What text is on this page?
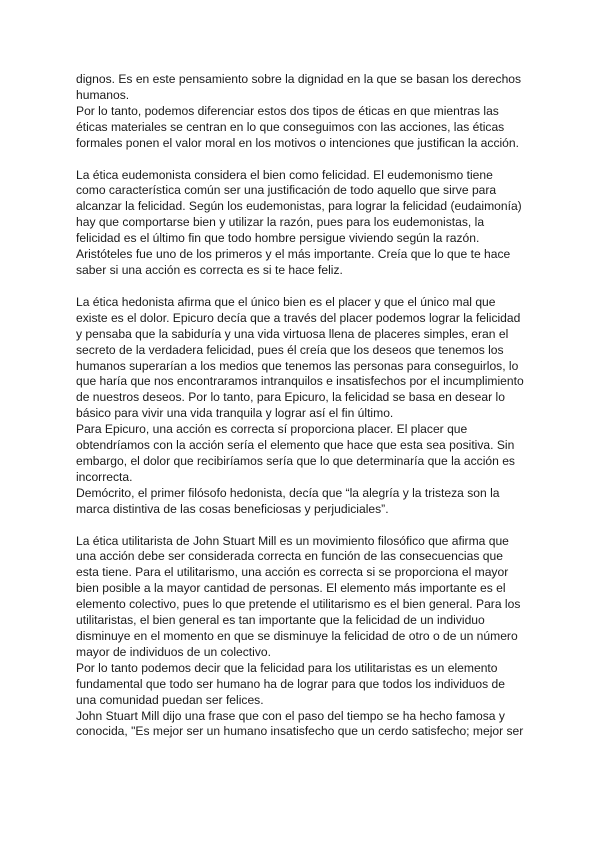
dignos. Es en este pensamiento sobre la dignidad en la que se basan los derechos humanos.

Por lo tanto, podemos diferenciar estos dos tipos de éticas en que mientras las éticas materiales se centran en lo que conseguimos con las acciones, las éticas formales ponen el valor moral en los motivos o intenciones que justifican la acción.

La ética eudemonista considera el bien como felicidad. El eudemonismo tiene como característica común ser una justificación de todo aquello que sirve para alcanzar la felicidad. Según los eudemonistas, para lograr la felicidad (eudaimonía) hay que comportarse bien y utilizar la razón, pues para los eudemonistas, la felicidad es el último fin que todo hombre persigue viviendo según la razón.

Aristóteles fue uno de los primeros y el más importante. Creía que lo que te hace saber si una acción es correcta es si te hace feliz.

La ética hedonista afirma que el único bien es el placer y que el único mal que existe es el dolor. Epicuro decía que a través del placer podemos lograr la felicidad y pensaba que la sabiduría y una vida virtuosa llena de placeres simples, eran el secreto de la verdadera felicidad, pues él creía que los deseos que tenemos los humanos superarían a los medios que tenemos las personas para conseguirlos, lo que haría que nos encontraramos intranquilos e insatisfechos por el incumplimiento de nuestros deseos. Por lo tanto, para Epicuro, la felicidad se basa en desear lo básico para vivir una vida tranquila y lograr así el fin último.

Para Epicuro, una acción es correcta sí proporciona placer. El placer que obtendríamos con la acción sería el elemento que hace que esta sea positiva. Sin embargo, el dolor que recibiríamos sería que lo que determinaría que la acción es incorrecta.

Demócrito, el primer filósofo hedonista, decía que “la alegría y la tristeza son la marca distintiva de las cosas beneficiosas y perjudiciales”.

La ética utilitarista de John Stuart Mill es un movimiento filosófico que afirma que una acción debe ser considerada correcta en función de las consecuencias que esta tiene. Para el utilitarismo, una acción es correcta si se proporciona el mayor bien posible a la mayor cantidad de personas. El elemento más importante es el elemento colectivo, pues lo que pretende el utilitarismo es el bien general. Para los utilitaristas, el bien general es tan importante que la felicidad de un individuo disminuye en el momento en que se disminuye la felicidad de otro o de un número mayor de individuos de un colectivo.

Por lo tanto podemos decir que la felicidad para los utilitaristas es un elemento fundamental que todo ser humano ha de lograr para que todos los individuos de una comunidad puedan ser felices.

John Stuart Mill dijo una frase que con el paso del tiempo se ha hecho famosa y conocida, "Es mejor ser un humano insatisfecho que un cerdo satisfecho; mejor ser
